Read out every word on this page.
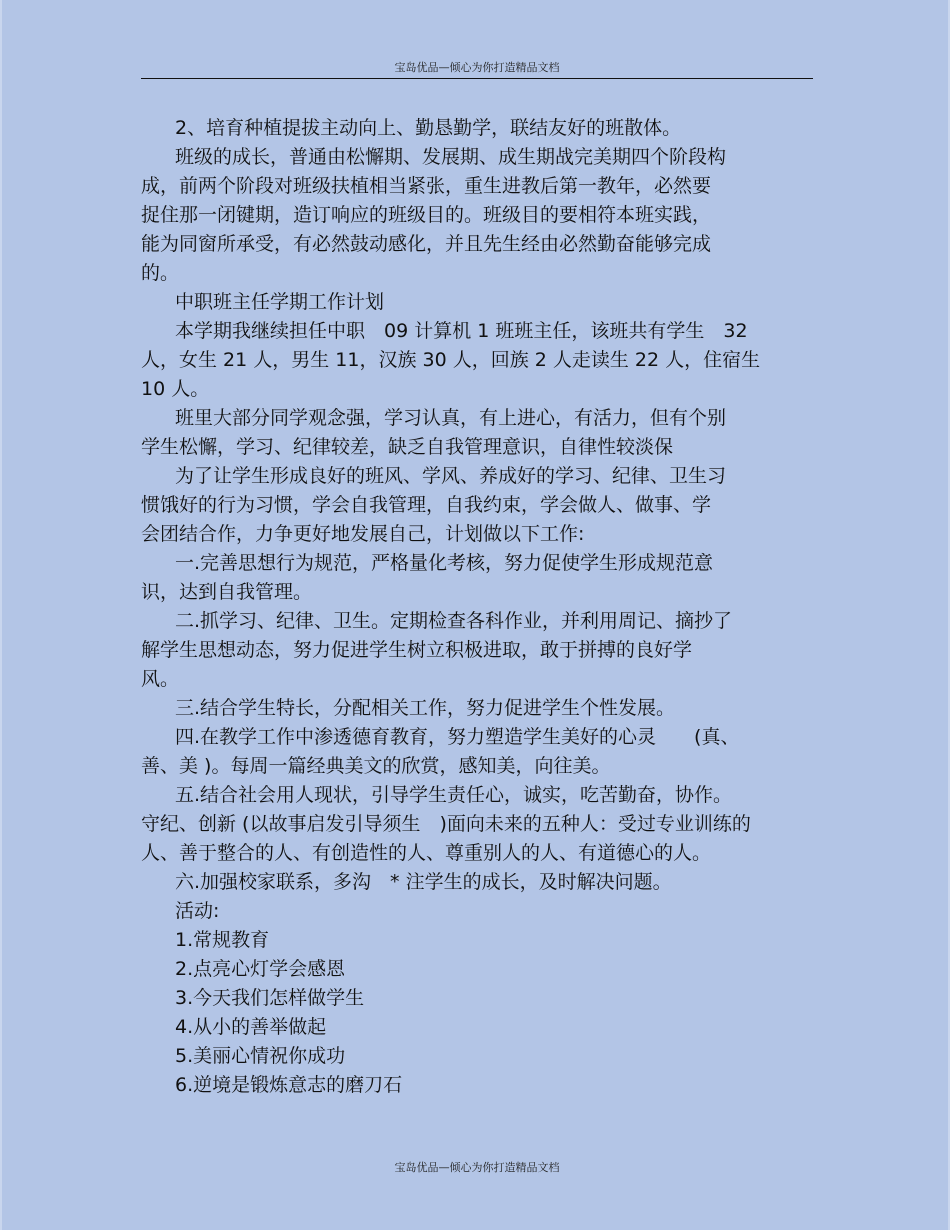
宝岛优品—倾心为你打造精品文档
2、培育种植提拔主动向上、勤恳勤学，联结友好的班散体。
班级的成长，普通由松懈期、发展期、成生期战完美期四个阶段构
成，前两个阶段对班级扶植相当紧张，重生进教后第一教年，必然要
捉住那一闭键期，造订响应的班级目的。班级目的要相符本班实践，
能为同窗所承受，有必然鼓动感化，并且先生经由必然勤奋能够完成
的。
中职班主任学期工作计划
本学期我继续担任中职　09 计算机 1 班班主任，该班共有学生　32
人，女生 21 人，男生 11，汉族 30 人，回族 2 人走读生 22 人，住宿生
10 人。
班里大部分同学观念强，学习认真，有上进心，有活力，但有个别
学生松懈，学习、纪律较差，缺乏自我管理意识，自律性较淡保
为了让学生形成良好的班风、学风、养成好的学习、纪律、卫生习
惯饿好的行为习惯，学会自我管理，自我约束，学会做人、做事、学
会团结合作，力争更好地发展自己，计划做以下工作:
一.完善思想行为规范，严格量化考核，努力促使学生形成规范意
识，达到自我管理。
二.抓学习、纪律、卫生。定期检查各科作业，并利用周记、摘抄了
解学生思想动态，努力促进学生树立积极进取，敢于拼搏的良好学
风。
三.结合学生特长，分配相关工作，努力促进学生个性发展。
四.在教学工作中渗透德育教育，努力塑造学生美好的心灵　　(真、
善、美 )。每周一篇经典美文的欣赏，感知美，向往美。
五.结合社会用人现状，引导学生责任心，诚实，吃苦勤奋，协作。
守纪、创新 (以故事启发引导须生　)面向未来的五种人：受过专业训练的
人、善于整合的人、有创造性的人、尊重别人的人、有道德心的人。
六.加强校家联系，多沟　* 注学生的成长，及时解决问题。
活动:
1.常规教育
2.点亮心灯学会感恩
3.今天我们怎样做学生
4.从小的善举做起
5.美丽心情祝你成功
6.逆境是锻炼意志的磨刀石
宝岛优品—倾心为你打造精品文档
